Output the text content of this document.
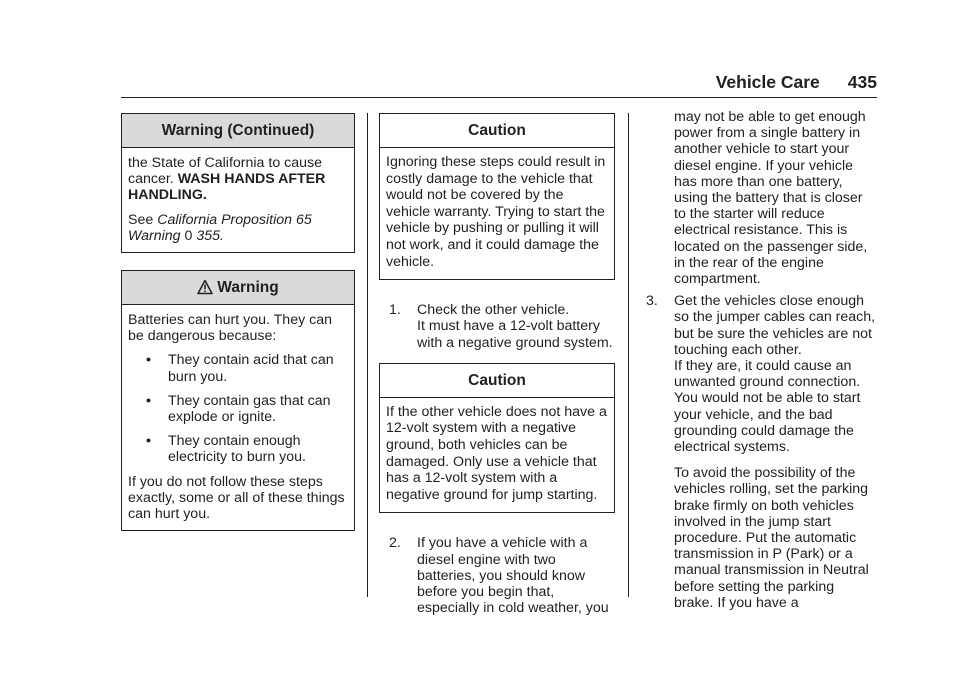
Vehicle Care 435
Warning (Continued)

the State of California to cause cancer. WASH HANDS AFTER HANDLING.

See California Proposition 65 Warning 0 355.

Warning

Batteries can hurt you. They can be dangerous because:

• They contain acid that can burn you.
• They contain gas that can explode or ignite.
• They contain enough electricity to burn you.

If you do not follow these steps exactly, some or all of these things can hurt you.

Caution
Ignoring these steps could result in costly damage to the vehicle that would not be covered by the vehicle warranty. Trying to start the vehicle by pushing or pulling it will not work, and it could damage the vehicle.
1. Check the other vehicle.
It must have a 12-volt battery with a negative ground system.
Caution
If the other vehicle does not have a 12-volt system with a negative ground, both vehicles can be damaged. Only use a vehicle that has a 12-volt system with a negative ground for jump starting.
2. If you have a vehicle with a diesel engine with two batteries, you should know before you begin that, especially in cold weather, you
may not be able to get enough power from a single battery in another vehicle to start your diesel engine. If your vehicle has more than one battery, using the battery that is closer to the starter will reduce electrical resistance. This is located on the passenger side, in the rear of the engine compartment.
3. Get the vehicles close enough so the jumper cables can reach, but be sure the vehicles are not touching each other.
If they are, it could cause an unwanted ground connection. You would not be able to start your vehicle, and the bad grounding could damage the electrical systems.
To avoid the possibility of the vehicles rolling, set the parking brake firmly on both vehicles involved in the jump start procedure. Put the automatic transmission in P (Park) or a manual transmission in Neutral before setting the parking brake. If you have a
